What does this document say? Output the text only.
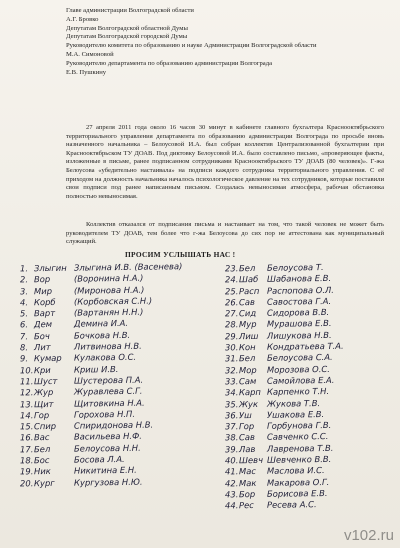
Главе администрации Волгоградской области
А.Г. Бровко
Депутатам Волгоградской областной Думы
Депутатам Волгоградской городской Думы
Руководителю комитета по образованию и науке Администрации Волгоградской области
М.А. Симоновой
Руководителю департамента по образованию администрации Волгограда
Е.В. Пушкину

27 апреля 2011 года около 16 часов 30 минут в кабинете главного бухгалтера Краснооктябрьского территориального управления департамента по образованию администрации Волгограда по просьбе вновь назначенного начальника – Белоусовой И.А. был собран коллектив Централизованной бухгалтерии при Краснооктябрьском ТУ ДОАВ. Под диктовку Белоусовой И.А. было составлено письмо, «проверяющее факты, изложенные в письме, ранее подписанном сотрудниками Краснооктябрьского ТУ ДОАВ (80 человек)». Г-жа Белоусова «убедительно настаивала» на подписи каждого сотрудника территориального управления. С её приходом на должность начальника началось психологическое давление на тех сотрудников, которые поставили свои подписи под ранее написанным письмом. Создалась невыносимая атмосфера, рабочая обстановка полностью невыносимая.

Коллектив отказался от подписания письма и настаивает на том, что такой человек не может быть руководителем ТУ ДОАВ, тем более что г-жа Белоусова до сих пор не аттестована как муниципальный служащий.

ПРОСИМ УСЛЫШАТЬ НАС !
1. Злыгин Злыгина И.В. (Васенева)
2. Вор	(Воронина Н.А.)
3. Мир	(Миронова Н.А.)
4. Корб (Корбовская С.Н.)
5. Варт (Вартанян Н.Н.)
6. Дем	Демина И.А.
7. Боч	Бочкова Н.В.
8. Лит	Литвинова Н.В.
9. Кумар Кулакова О.С.
10.Кри	Криш И.В.
11.Шуст Шустерова П.А.
12.Жур Журавлева С.Г.
13.Щит Щитовкина Н.А.
14.Гор	Горохова Н.П.
15.Спир Спиридонова Н.В.
16.Вас	Васильева Н.Ф.
17.Бел	Белоусова Н.Н.
18.Бос	Босова Л.А.
19.Ник	Никитина Е.Н.
20.Кург Кургузова Н.Ю.
23.Бел Белоусова Т.
24.Шаб Шабанова Е.В.
25.Расп Распопова О.Л.
26.Сав Савостова Г.А.
27.Сид Сидорова В.В.
28.Мур Мурашова Е.В.
29.Лиш Лишукова Н.В.
30.Кон Кондратьева Т.А.
31.Бел Белоусова С.А.
32.Мор Морозова О.С.
33.Сам Самойлова Е.А.
34.Карп Карпенко Т.Н.
35.Жук Жукова Т.В.
36.Уш Ушакова Е.В.
37.Гор Горбунова Г.В.
38.Сав Савченко С.С.
39.Лав Лавренова Т.В.
40.Шевч Шевченко В.В.
41.Мас Маслова И.С.
42.Мак Макарова О.Г.
43.Бор Борисова Е.В.
44.Рес Ресева А.С.
v102.ru
